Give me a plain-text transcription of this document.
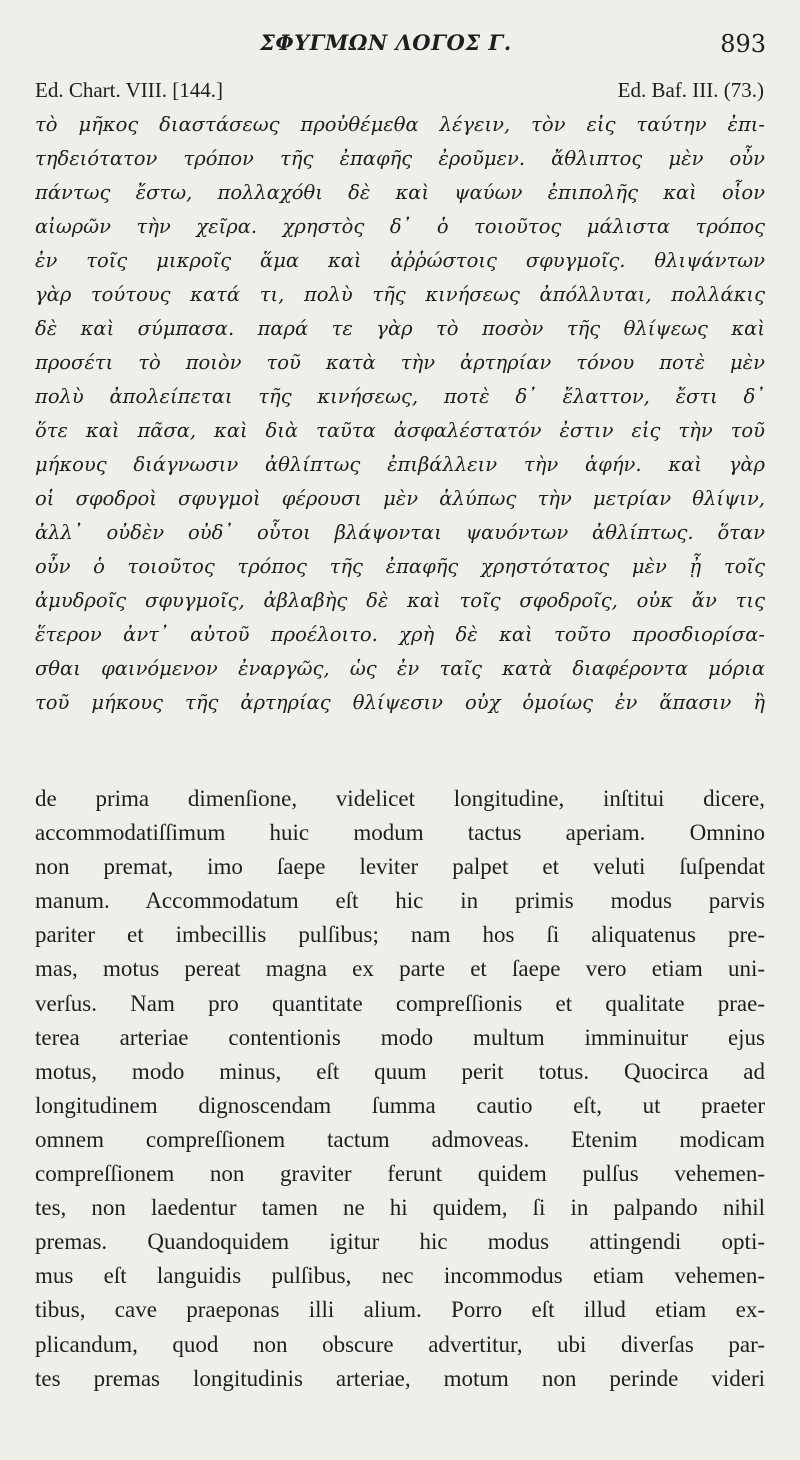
ΣΦΥΓΜΩΝ ΛΟΓΟΣ Γ.	893
Ed. Chart. VIII. [144.]	Ed. Baf. III. (73.)
τὸ μῆκος διαστάσεως προὐθέμεθα λέγειν, τὸν εἰς ταύτην ἐπι-
τηδειότατον τρόπον τῆς ἐπαφῆς ἐροῦμεν. ἄθλιπτος μὲν οὖν
πάντως ἔστω, πολλαχόθι δὲ καὶ ψαύων ἐπιπολῆς καὶ οἷον
αἰωρῶν τὴν χεῖρα. χρηστὸς δ᾽ ὁ τοιοῦτος μάλιστα τρόπος
ἐν τοῖς μικροῖς ἅμα καὶ ἀῤῥώστοις σφυγμοῖς. θλιψάντων
γὰρ τούτους κατά τι, πολὺ τῆς κινήσεως ἀπόλλυται, πολλάκις
δὲ καὶ σύμπασα. παρά τε γὰρ τὸ ποσὸν τῆς θλίψεως καὶ
προσέτι τὸ ποιὸν τοῦ κατὰ τὴν ἀρτηρίαν τόνου ποτὲ μὲν
πολὺ ἀπολείπεται τῆς κινήσεως, ποτὲ δ᾽ ἔλαττον, ἔστι δ᾽
ὅτε καὶ πᾶσα, καὶ διὰ ταῦτα ἀσφαλέστατόν ἐστιν εἰς τὴν τοῦ
μήκους διάγνωσιν ἀθλίπτως ἐπιβάλλειν τὴν ἁφήν. καὶ γὰρ
οἱ σφοδροὶ σφυγμοὶ φέρουσι μὲν ἀλύπως τὴν μετρίαν θλίψιν,
ἀλλ᾽ οὐδὲν οὐδ᾽ οὗτοι βλάψονται ψαυόντων ἀθλίπτως. ὅταν
οὖν ὁ τοιοῦτος τρόπος τῆς ἐπαφῆς χρηστότατος μὲν ᾖ τοῖς
ἀμυδροῖς σφυγμοῖς, ἀβλαβὴς δὲ καὶ τοῖς σφοδροῖς, οὐκ ἄν τις
ἕτερον ἀντ᾽ αὐτοῦ προέλοιτο. χρὴ δὲ καὶ τοῦτο προσδιορίσα-
σθαι φαινόμενον ἐναργῶς, ὡς ἐν ταῖς κατὰ διαφέροντα μόρια
τοῦ μήκους τῆς ἀρτηρίας θλίψεσιν οὐχ ὁμοίως ἐν ἅπασιν ἢ
de prima dimenſione, videlicet longitudine, inſtitui dicere,
accommodatiſſimum huic modum tactus aperiam. Omnino
non premat, imo ſaepe leviter palpet et veluti ſuſpendat
manum. Accommodatum eſt hic in primis modus parvis
pariter et imbecillis pulſibus; nam hos ſi aliquatenus pre-
mas, motus pereat magna ex parte et ſaepe vero etiam uni-
verſus. Nam pro quantitate compreſſionis et qualitate prae-
terea arteriae contentionis modo multum imminuitur ejus
motus, modo minus, eſt quum perit totus. Quocirca ad
longitudinem dignoscendam ſumma cautio eſt, ut praeter
omnem compreſſionem tactum admoveas. Etenim modicam
compreſſionem non graviter ferunt quidem pulſus vehemen-
tes, non laedentur tamen ne hi quidem, ſi in palpando nihil
premas. Quandoquidem igitur hic modus attingendi opti-
mus eſt languidis pulſibus, nec incommodus etiam vehemen-
tibus, cave praeponas illi alium. Porro eſt illud etiam ex-
plicandum, quod non obscure advertitur, ubi diverſas par-
tes premas longitudinis arteriae, motum non perinde videri
